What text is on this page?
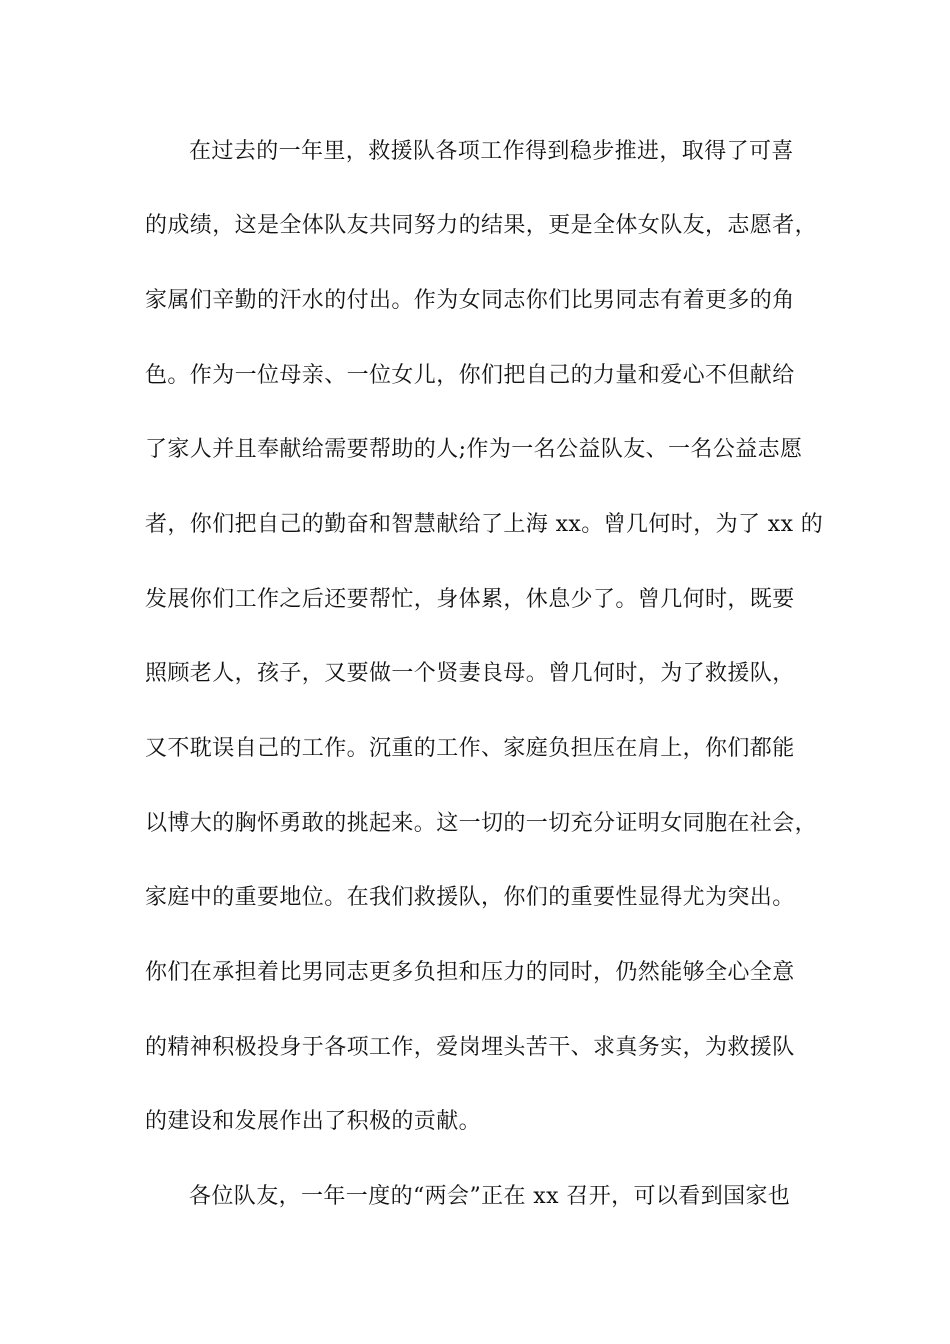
在过去的一年里，救援队各项工作得到稳步推进，取得了可喜
的成绩，这是全体队友共同努力的结果，更是全体女队友，志愿者，
家属们辛勤的汗水的付出。作为女同志你们比男同志有着更多的角
色。作为一位母亲、一位女儿，你们把自己的力量和爱心不但献给
了家人并且奉献给需要帮助的人;作为一名公益队友、一名公益志愿
者，你们把自己的勤奋和智慧献给了上海 xx。曾几何时，为了 xx 的
发展你们工作之后还要帮忙，身体累，休息少了。曾几何时，既要
照顾老人，孩子，又要做一个贤妻良母。曾几何时，为了救援队，
又不耽误自己的工作。沉重的工作、家庭负担压在肩上，你们都能
以博大的胸怀勇敢的挑起来。这一切的一切充分证明女同胞在社会，
家庭中的重要地位。在我们救援队，你们的重要性显得尤为突出。
你们在承担着比男同志更多负担和压力的同时，仍然能够全心全意
的精神积极投身于各项工作，爱岗埋头苦干、求真务实，为救援队
的建设和发展作出了积极的贡献。
各位队友，一年一度的“两会”正在 xx 召开，可以看到国家也
